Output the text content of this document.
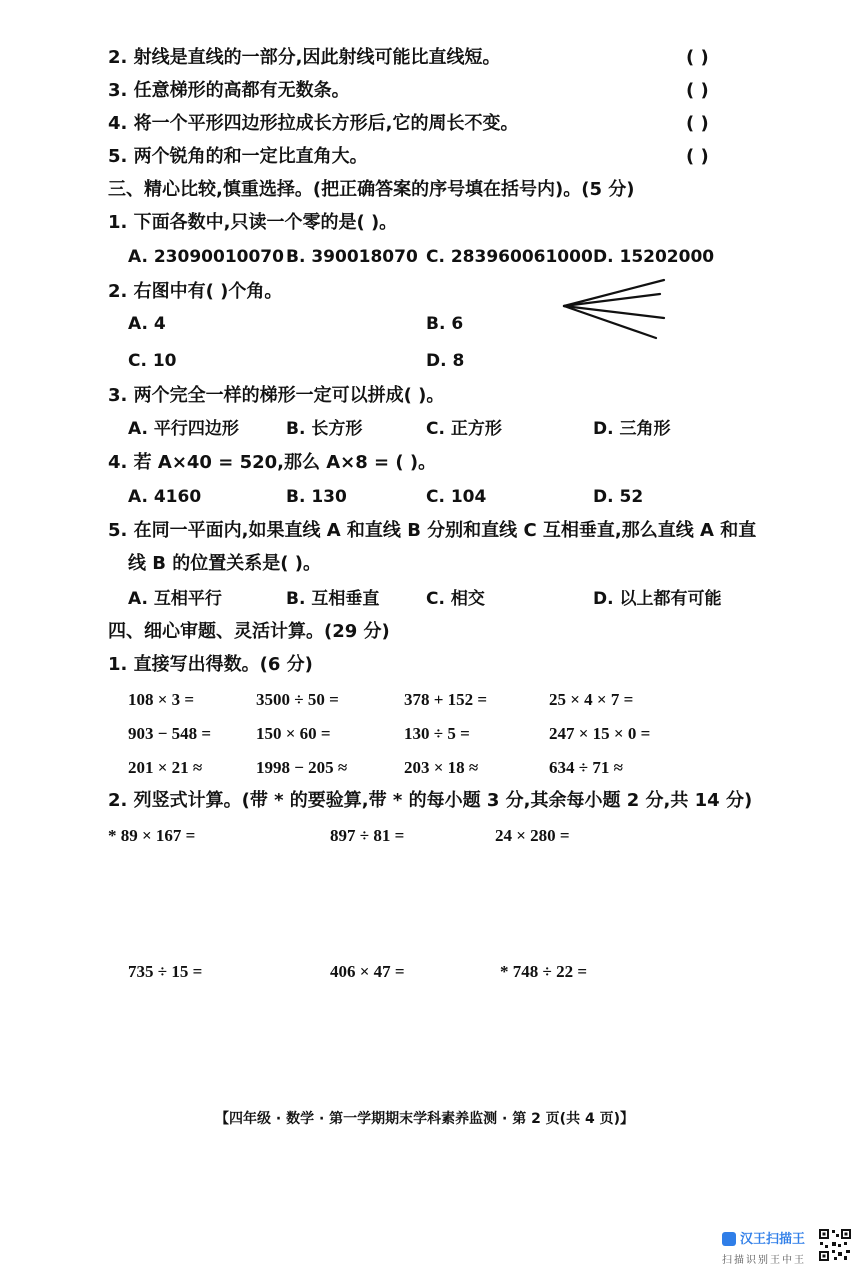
2. 射线是直线的一部分,因此射线可能比直线短。	( )
3. 任意梯形的高都有无数条。	( )
4. 将一个平形四边形拉成长方形后,它的周长不变。	( )
5. 两个锐角的和一定比直角大。	( )
三、精心比较,慎重选择。(把正确答案的序号填在括号内)。(5 分)
1. 下面各数中,只读一个零的是( )。
A. 23090010070 B. 390018070 C. 283960061000 D. 15202000
2. 右图中有( )个角。
A. 4	B. 6
C. 10	D. 8
3. 两个完全一样的梯形一定可以拼成( )。
A. 平行四边形	B. 长方形	C. 正方形	D. 三角形
4. 若 A×40 = 520,那么 A×8 = ( )。
A. 4160	B. 130	C. 104	D. 52
5. 在同一平面内,如果直线 A 和直线 B 分别和直线 C 互相垂直,那么直线 A 和直
线 B 的位置关系是( )。
A. 互相平行	B. 互相垂直	C. 相交	D. 以上都有可能
四、细心审题、灵活计算。(29 分)
1. 直接写出得数。(6 分)
108 × 3 =	3500 ÷ 50 =	378 + 152 =	25 × 4 × 7 =
903 − 548 =	150 × 60 =	130 ÷ 5 =	247 × 15 × 0 =
201 × 21 ≈	1998 − 205 ≈	203 × 18 ≈	634 ÷ 71 ≈
2. 列竖式计算。(带 * 的要验算,带 * 的每小题 3 分,其余每小题 2 分,共 14 分)
* 89 × 167 =	897 ÷ 81 =	24 × 280 =
735 ÷ 15 =	406 × 47 =	* 748 ÷ 22 =
【四年级 · 数学 · 第一学期期末学科素养监测 · 第 2 页(共 4 页)】
汉王扫描王
扫描识别王中王
